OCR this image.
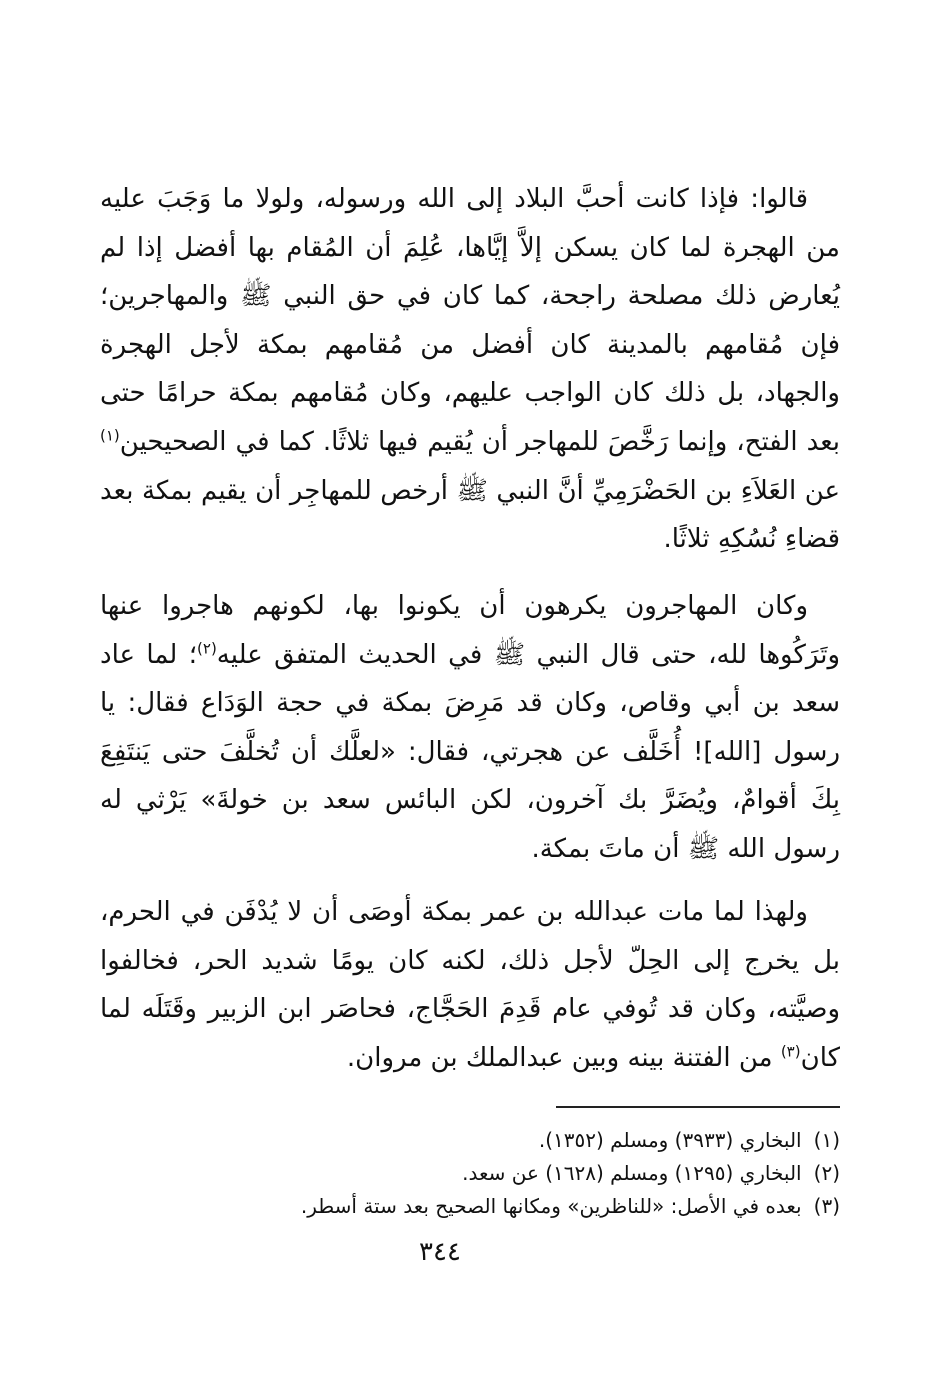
قالوا: فإذا كانت أحبَّ البلاد إلى الله ورسوله، ولولا ما وَجَبَ عليه من الهجرة لما كان يسكن إلاَّ إيَّاها، عُلِمَ أن المُقام بها أفضل إذا لم يُعارض ذلك مصلحة راجحة، كما كان في حق النبي ﷺ والمهاجرين؛ فإن مُقامهم بالمدينة كان أفضل من مُقامهم بمكة لأجل الهجرة والجهاد، بل ذلك كان الواجب عليهم، وكان مُقامهم بمكة حرامًا حتى بعد الفتح، وإنما رَخَّصَ للمهاجر أن يُقيم فيها ثلاثًا. كما في الصحيحين$^{(١)}$ عن العَلاَءِ بن الحَضْرَمِيِّ أنَّ النبي ﷺ أرخص للمهاجِر أن يقيم بمكة بعد قضاءِ نُسُكِهِ ثلاثًا.

وكان المهاجرون يكرهون أن يكونوا بها، لكونهم هاجروا عنها وتَرَكُوها لله، حتى قال النبي ﷺ في الحديث المتفق عليه$^{(٢)}$؛ لما عاد سعد بن أبي وقاص، وكان قد مَرِضَ بمكة في حجة الوَدَاع فقال: يا رسول [الله]! أُخَلَّف عن هجرتي، فقال: «لعلَّك أن تُخلَّفَ حتى يَنتَفِعَ بِكَ أقوامٌ، ويُضَرَّ بك آخرون، لكن البائس سعد بن خولةَ» يَرْثي له رسول الله ﷺ أن ماتَ بمكة.

ولهذا لما مات عبدالله بن عمر بمكة أوصَى أن لا يُدْفَن في الحرم، بل يخرج إلى الحِلّ لأجل ذلك، لكنه كان يومًا شديد الحر، فخالفوا وصيَّته، وكان قد تُوفي عام قَدِمَ الحَجَّاج، فحاصَر ابن الزبير وقَتَلَه لما كان$^{(٣)}$ من الفتنة بينه وبين عبدالملك بن مروان.

(١)البخاري (٣٩٣٣) ومسلم (١٣٥٢).
(٢)البخاري (١٢٩٥) ومسلم (١٦٢٨) عن سعد.
(٣)بعده في الأصل: «للناظرين» ومكانها الصحيح بعد ستة أسطر.
٣٤٤
